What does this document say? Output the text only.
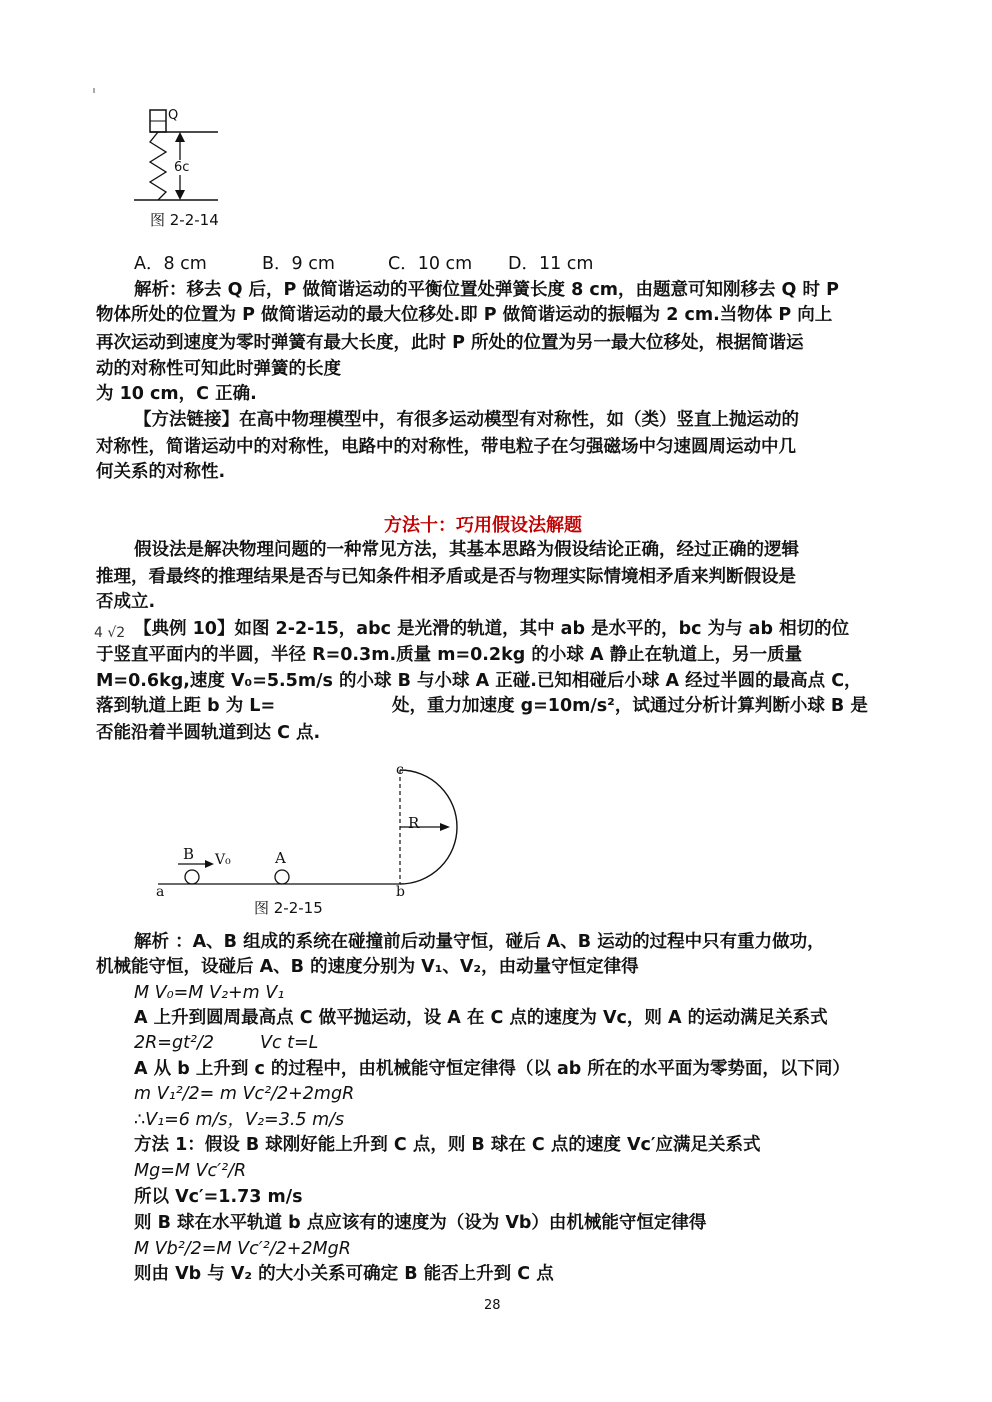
Q
6c
图 2-2-14
A．8 cm	B．9 cm	C．10 cm D．11 cm
解析：移去 Q 后，P 做简谐运动的平衡位置处弹簧长度 8 cm，由题意可知刚移去 Q 时 P
物体所处的位置为 P 做简谐运动的最大位移处.即 P 做简谐运动的振幅为 2 cm.当物体 P 向上
再次运动到速度为零时弹簧有最大长度，此时 P 所处的位置为另一最大位移处，根据简谐运
动的对称性可知此时弹簧的长度
为 10 cm，C 正确.
【方法链接】在高中物理模型中，有很多运动模型有对称性，如（类）竖直上抛运动的
对称性，简谐运动中的对称性，电路中的对称性，带电粒子在匀强磁场中匀速圆周运动中几
何关系的对称性.
方法十：巧用假设法解题
假设法是解决物理问题的一种常见方法，其基本思路为假设结论正确，经过正确的逻辑
推理，看最终的推理结果是否与已知条件相矛盾或是否与物理实际情境相矛盾来判断假设是
否成立.
4 √2 【典例 10】如图 2-2-15，abc 是光滑的轨道，其中 ab 是水平的，bc 为与 ab 相切的位
于竖直平面内的半圆，半径 R=0.3m.质量 m=0.2kg 的小球 A 静止在轨道上，另一质量
M=0.6kg,速度 V₀=5.5m/s 的小球 B 与小球 A 正碰.已知相碰后小球 A 经过半圆的最高点 C，
落到轨道上距 b 为 L=	处，重力加速度 g=10m/s²，试通过分析计算判断小球 B 是
否能沿着半圆轨道到达 C 点.
c
R
B V₀	A
a	b
图 2-2-15
解析 ：A、B 组成的系统在碰撞前后动量守恒，碰后 A、B 运动的过程中只有重力做功，
机械能守恒，设碰后 A、B 的速度分别为 V₁、V₂，由动量守恒定律得
M V₀=M V₂+m V₁
A 上升到圆周最高点 C 做平抛运动，设 A 在 C 点的速度为 Vc，则 A 的运动满足关系式
2R=gt²/2	Vc t=L
A 从 b 上升到 c 的过程中，由机械能守恒定律得（以 ab 所在的水平面为零势面，以下同）
m V₁²/2= m Vc²/2+2mgR
∴V₁=6 m/s，V₂=3.5 m/s
方法 1：假设 B 球刚好能上升到 C 点，则 B 球在 C 点的速度 Vc′应满足关系式
Mg=M Vc′²/R
所以 Vc′=1.73 m/s
则 B 球在水平轨道 b 点应该有的速度为（设为 Vb）由机械能守恒定律得
M Vb²/2=M Vc′²/2+2MgR
则由 Vb 与 V₂ 的大小关系可确定 B 能否上升到 C 点
28
